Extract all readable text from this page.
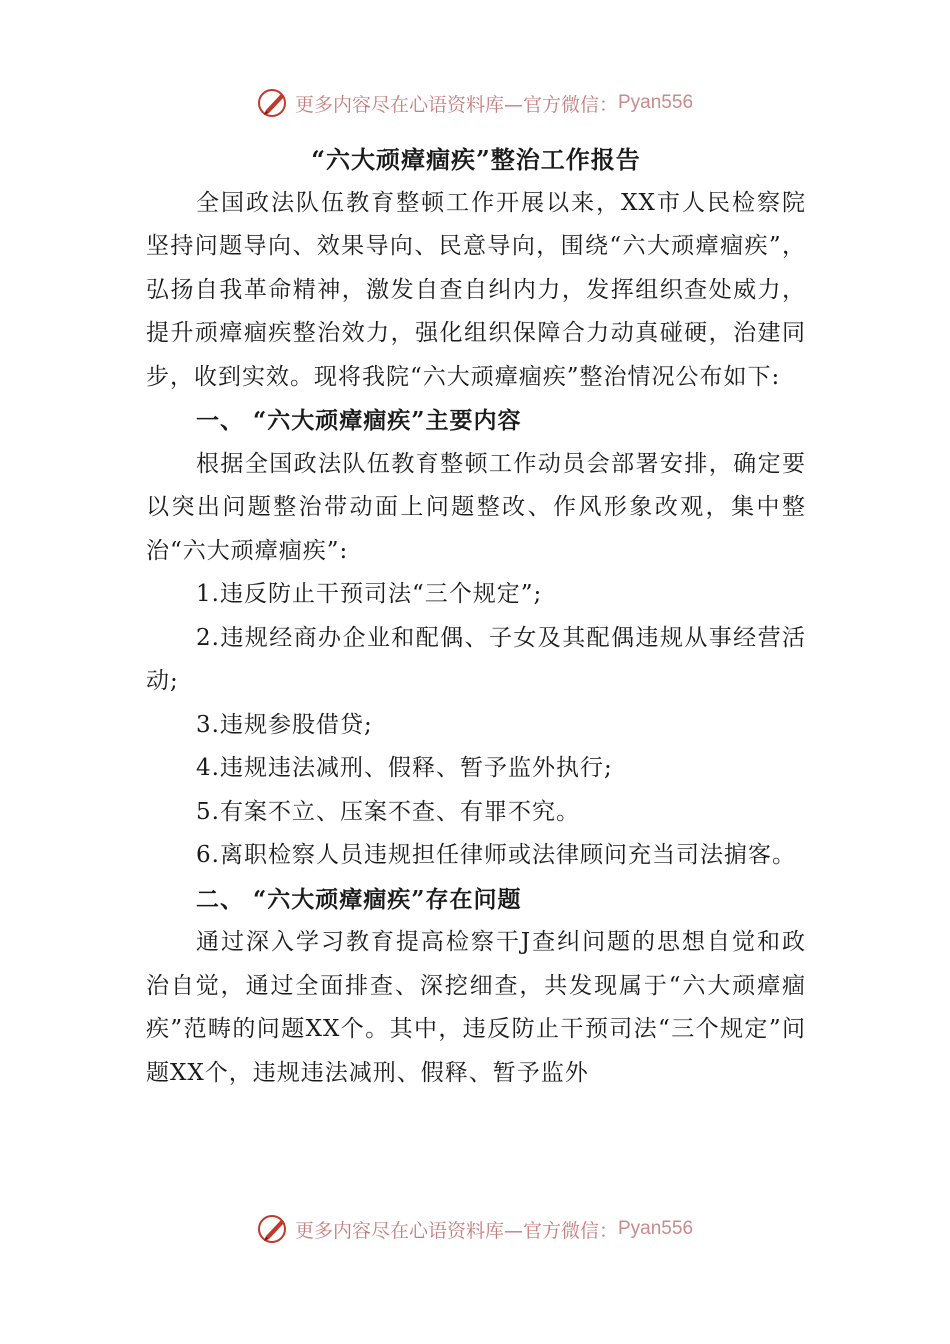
更多内容尽在心语资料库—官方微信： Pyan556

“六大顽瘴痼疾”整治工作报告

全国政法队伍教育整顿工作开展以来，XX市人民检察院坚持问题导向、效果导向、民意导向，围绕“六大顽瘴痼疾”，弘扬自我革命精神，激发自查自纠内力，发挥组织查处威力，提升顽瘴痼疾整治效力，强化组织保障合力动真碰硬，治建同步，收到实效。现将我院“六大顽瘴痼疾”整治情况公布如下:

一、 “六大顽瘴痼疾”主要内容

根据全国政法队伍教育整顿工作动员会部署安排，确定要以突出问题整治带动面上问题整改、作风形象改观，集中整治“六大顽瘴痼疾”:

1.违反防止干预司法“三个规定”;

2.违规经商办企业和配偶、子女及其配偶违规从事经营活动;

3.违规参股借贷;

4.违规违法减刑、假释、暂予监外执行;

5.有案不立、压案不查、有罪不究。

6.离职检察人员违规担任律师或法律顾问充当司法掮客。

二、 “六大顽瘴痼疾”存在问题

通过深入学习教育提高检察干J查纠问题的思想自觉和政治自觉，通过全面排查、深挖细查，共发现属于“六大顽瘴痼疾”范畴的问题XX个。其中，违反防止干预司法“三个规定”问题XX个，违规违法减刑、假释、暂予监外

更多内容尽在心语资料库—官方微信： Pyan556
